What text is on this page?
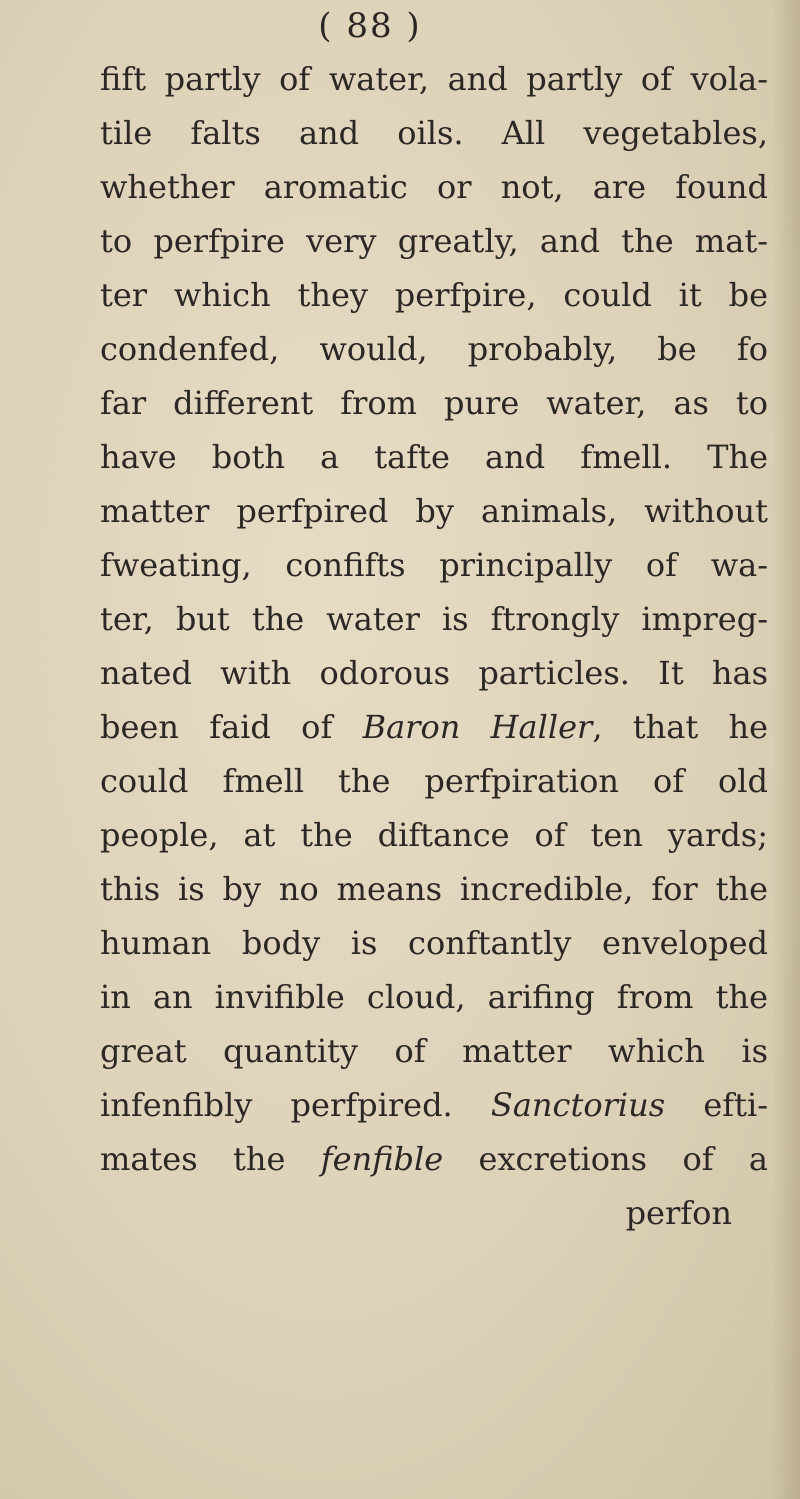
( 88 )
fift partly of water, and partly of vola-
tile falts and oils. All vegetables,
whether aromatic or not, are found
to perfpire very greatly, and the mat-
ter which they perfpire, could it be
condenfed, would, probably, be fo
far different from pure water, as to
have both a tafte and fmell. The
matter perfpired by animals, without
fweating, confifts principally of wa-
ter, but the water is ftrongly impreg-
nated with odorous particles. It has
been faid of Baron Haller, that he
could fmell the perfpiration of old
people, at the diftance of ten yards;
this is by no means incredible, for the
human body is conftantly enveloped
in an invifible cloud, arifing from the
great quantity of matter which is
infenfibly perfpired. Sanctorius efti-
mates the fenfible excretions of a
perfon
